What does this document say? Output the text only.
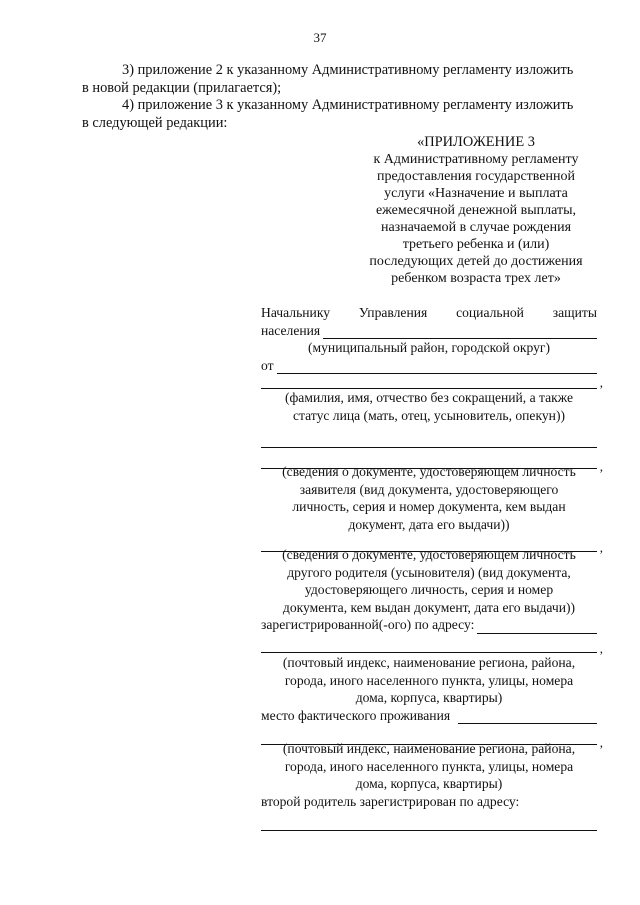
37

3) приложение 2 к указанному Административному регламенту изложить

в новой редакции (прилагается);

4) приложение 3 к указанному Административному регламенту изложить

в следующей редакции:
«ПРИЛОЖЕНИЕ 3
к Административному регламенту
предоставления государственной
услуги «Назначение и выплата
ежемесячной денежной выплаты,
назначаемой в случае рождения
третьего ребенка и (или)
последующих детей до достижения
ребенком возраста трех лет»
Начальнику Управления социальной защиты
населения
(муниципальный район, городской округ)
от
,
(фамилия, имя, отчество без сокращений, а также
статус лица (мать, отец, усыновитель, опекун))
,
(сведения о документе, удостоверяющем личность
заявителя (вид документа, удостоверяющего
личность, серия и номер документа, кем выдан
документ, дата его выдачи))
,
(сведения о документе, удостоверяющем личность
другого родителя (усыновителя) (вид документа,
удостоверяющего личность, серия и номер
документа, кем выдан документ, дата его выдачи))
зарегистрированной(-ого) по адресу:
,
(почтовый индекс, наименование региона, района,
города, иного населенного пункта, улицы, номера
дома, корпуса, квартиры)
место фактического проживания
,
(почтовый индекс, наименование региона, района,
города, иного населенного пункта, улицы, номера
дома, корпуса, квартиры)
второй родитель зарегистрирован по адресу:
